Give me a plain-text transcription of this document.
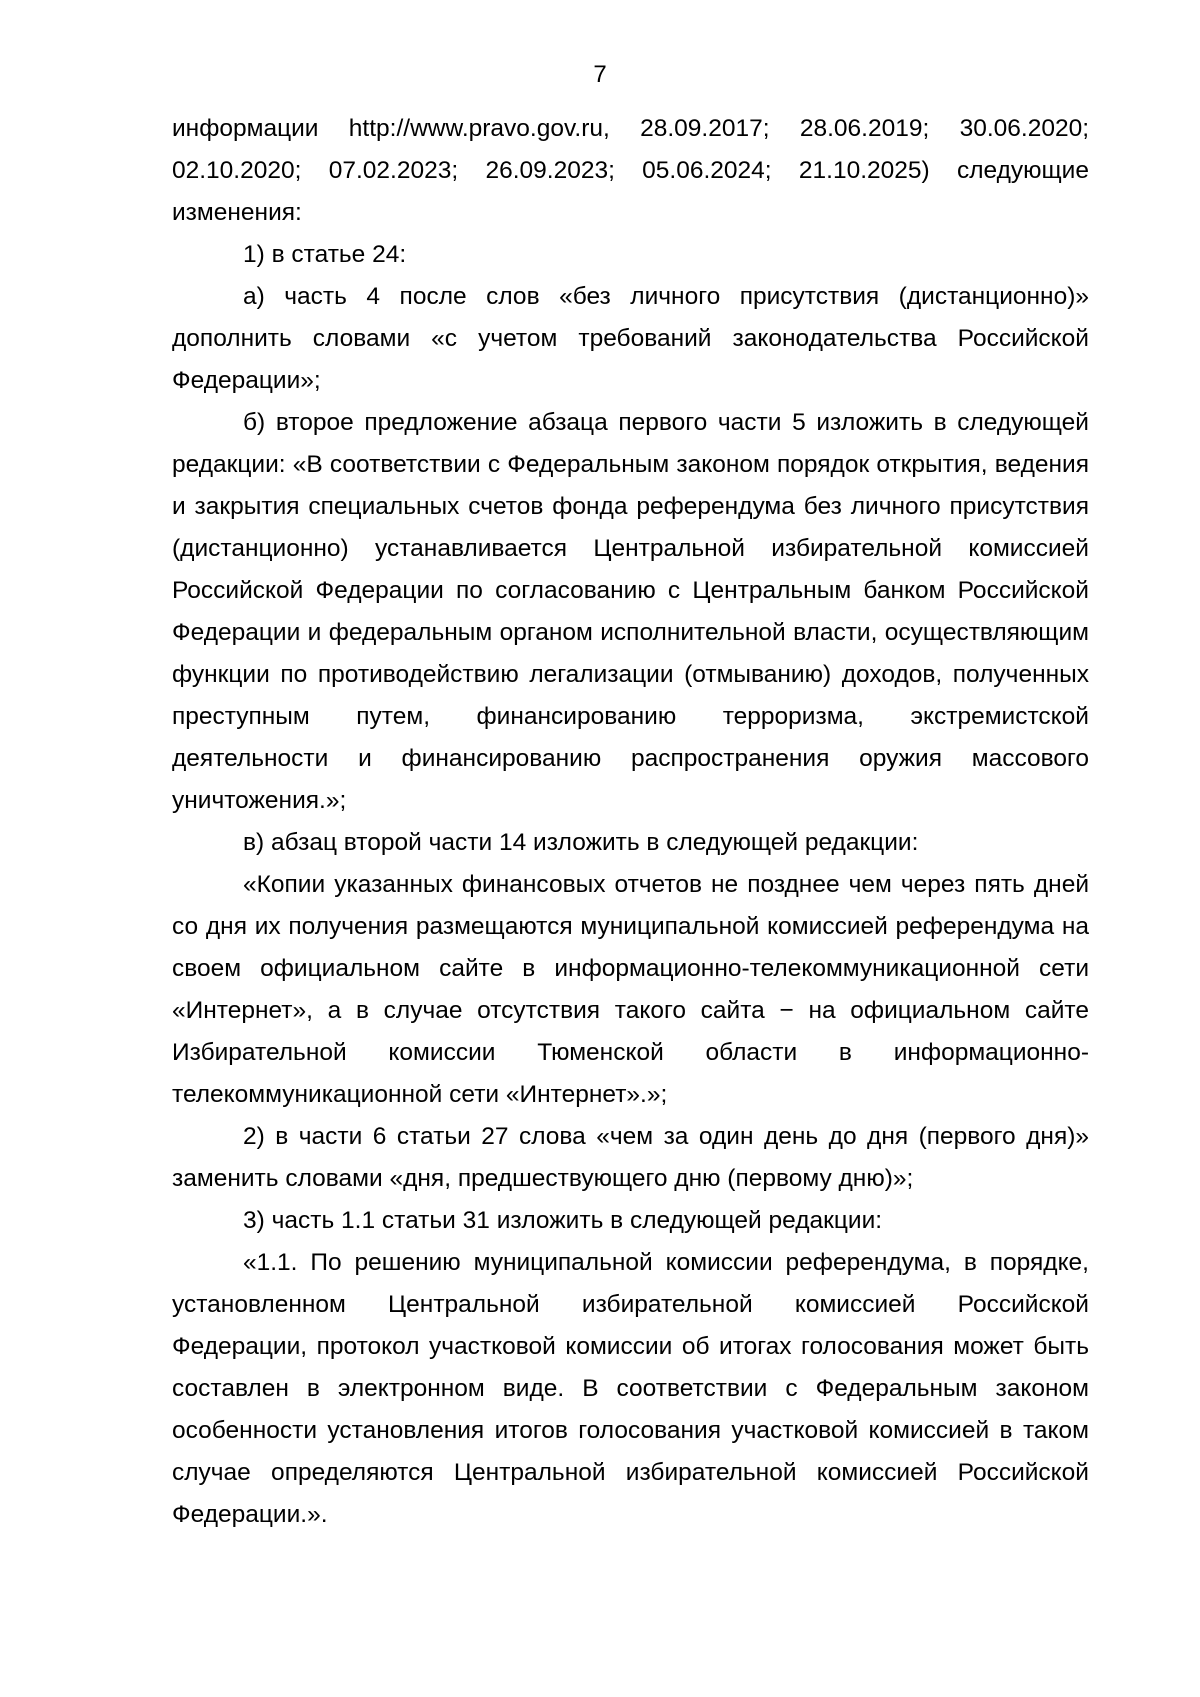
7

информации http://www.pravo.gov.ru, 28.09.2017; 28.06.2019; 30.06.2020; 02.10.2020; 07.02.2023; 26.09.2023; 05.06.2024; 21.10.2025) следующие изменения:

1) в статье 24:

а) часть 4 после слов «без личного присутствия (дистанционно)» дополнить словами «с учетом требований законодательства Российской Федерации»;

б) второе предложение абзаца первого части 5 изложить в следующей редакции: «В соответствии с Федеральным законом порядок открытия, ведения и закрытия специальных счетов фонда референдума без личного присутствия (дистанционно) устанавливается Центральной избирательной комиссией Российской Федерации по согласованию с Центральным банком Российской Федерации и федеральным органом исполнительной власти, осуществляющим функции по противодействию легализации (отмыванию) доходов, полученных преступным путем, финансированию терроризма, экстремистской деятельности и финансированию распространения оружия массового уничтожения.»;

в) абзац второй части 14 изложить в следующей редакции:

«Копии указанных финансовых отчетов не позднее чем через пять дней со дня их получения размещаются муниципальной комиссией референдума на своем официальном сайте в информационно-телекоммуникационной сети «Интернет», а в случае отсутствия такого сайта − на официальном сайте Избирательной комиссии Тюменской области в информационно-телекоммуникационной сети «Интернет».»;

2) в части 6 статьи 27 слова «чем за один день до дня (первого дня)» заменить словами «дня, предшествующего дню (первому дню)»;

3) часть 1.1 статьи 31 изложить в следующей редакции:

«1.1. По решению муниципальной комиссии референдума, в порядке, установленном Центральной избирательной комиссией Российской Федерации, протокол участковой комиссии об итогах голосования может быть составлен в электронном виде. В соответствии с Федеральным законом особенности установления итогов голосования участковой комиссией в таком случае определяются Центральной избирательной комиссией Российской Федерации.».
